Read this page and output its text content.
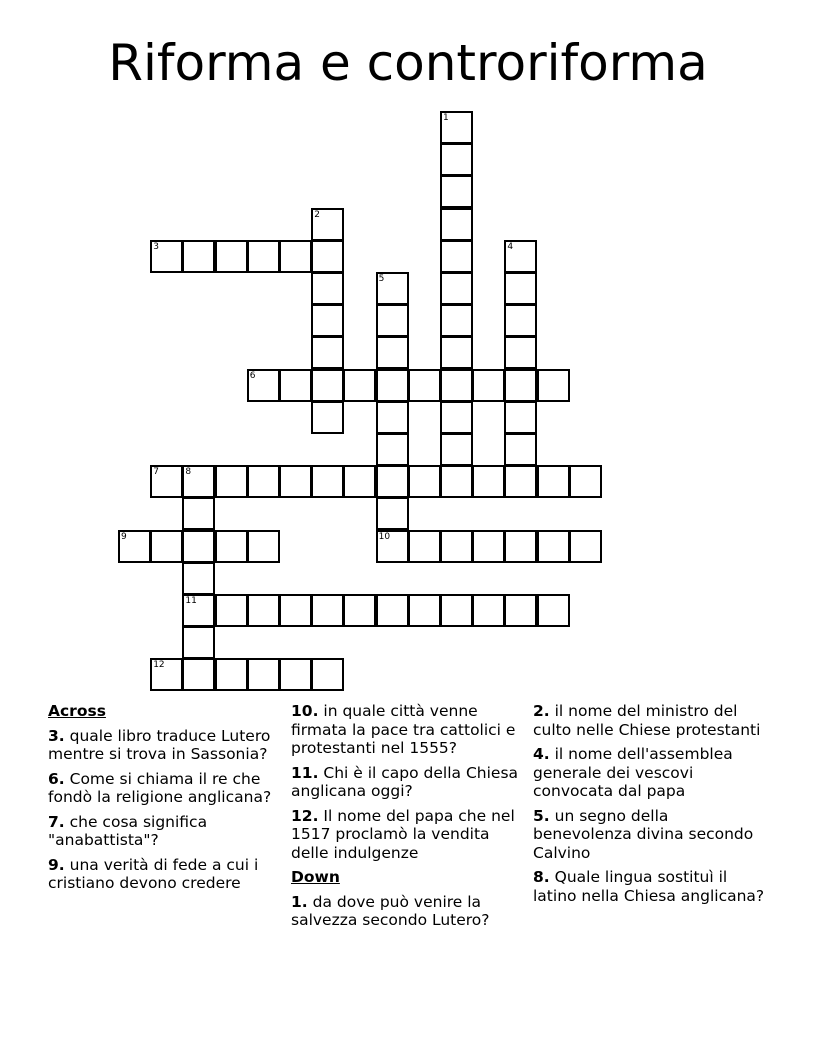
Riforma e controriforma
1
2
3	4
5
6
7	8
11
9	10
12
Across
3. quale libro traduce Lutero mentre si trova in Sassonia?
6. Come si chiama il re che fondò la religione anglicana?
7. che cosa significa "anabattista"?
9. una verità di fede a cui i cristiano devono credere
10. in quale città venne firmata la pace tra cattolici e protestanti nel 1555?
11. Chi è il capo della Chiesa anglicana oggi?
12. Il nome del papa che nel 1517 proclamò la vendita delle indulgenze
Down
1. da dove può venire la salvezza secondo Lutero?
2. il nome del ministro del culto nelle Chiese protestanti
4. il nome dell'assemblea generale dei vescovi convocata dal papa
5. un segno della benevolenza divina secondo Calvino
8. Quale lingua sostituì il latino nella Chiesa anglicana?
